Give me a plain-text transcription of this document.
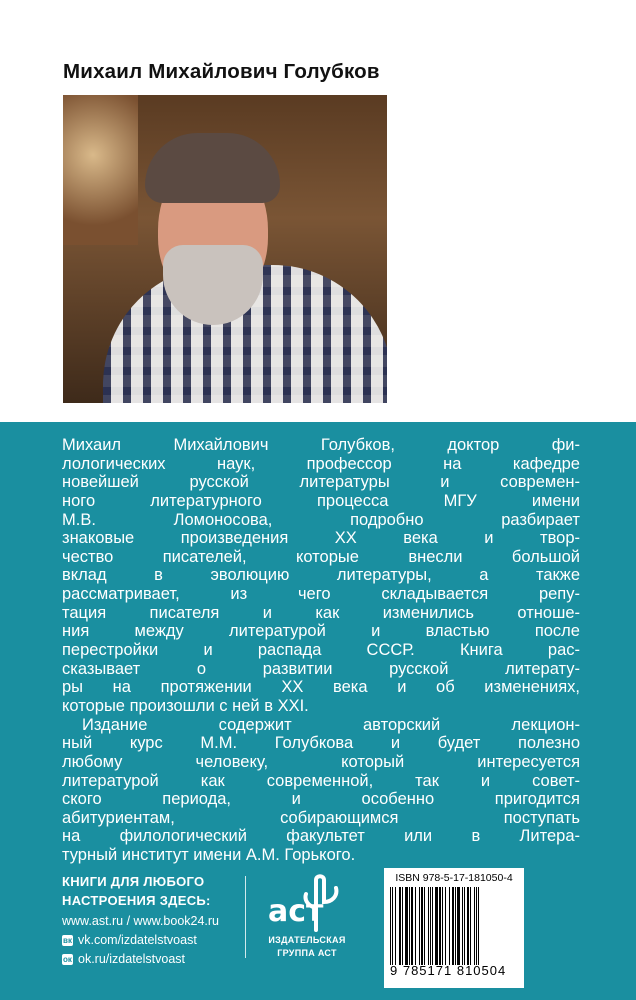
Михаил Михайлович Голубков
Михаил Михайлович Голубков, доктор фи-
лологических наук, профессор на кафедре
новейшей русской литературы и современ-
ного литературного процесса МГУ имени
М.В. Ломоносова, подробно разбирает
знаковые произведения XX века и твор-
чество писателей, которые внесли большой
вклад в эволюцию литературы, а также
рассматривает, из чего складывается репу-
тация писателя и как изменились отноше-
ния между литературой и властью после
перестройки и распада СССР. Книга рас-
сказывает о развитии русской литерату-
ры на протяжении XX века и об изменениях,
которые произошли с ней в XXI.
Издание содержит авторский лекцион-
ный курс М.М. Голубкова и будет полезно
любому человеку, который интересуется
литературой как современной, так и совет-
ского периода, и особенно пригодится
абитуриентам, собирающимся поступать
на филологический факультет или в Литера-
турный институт имени А.М. Горького.
КНИГИ ДЛЯ ЛЮБОГО
НАСТРОЕНИЯ ЗДЕСЬ:
www.ast.ru / www.book24.ru
вк vk.com/izdatelstvoast
ок ok.ru/izdatelstvoast
аст
ИЗДАТЕЛЬСКАЯ
ГРУППА АСТ
ISBN 978-5-17-181050-4
9 785171 810504
